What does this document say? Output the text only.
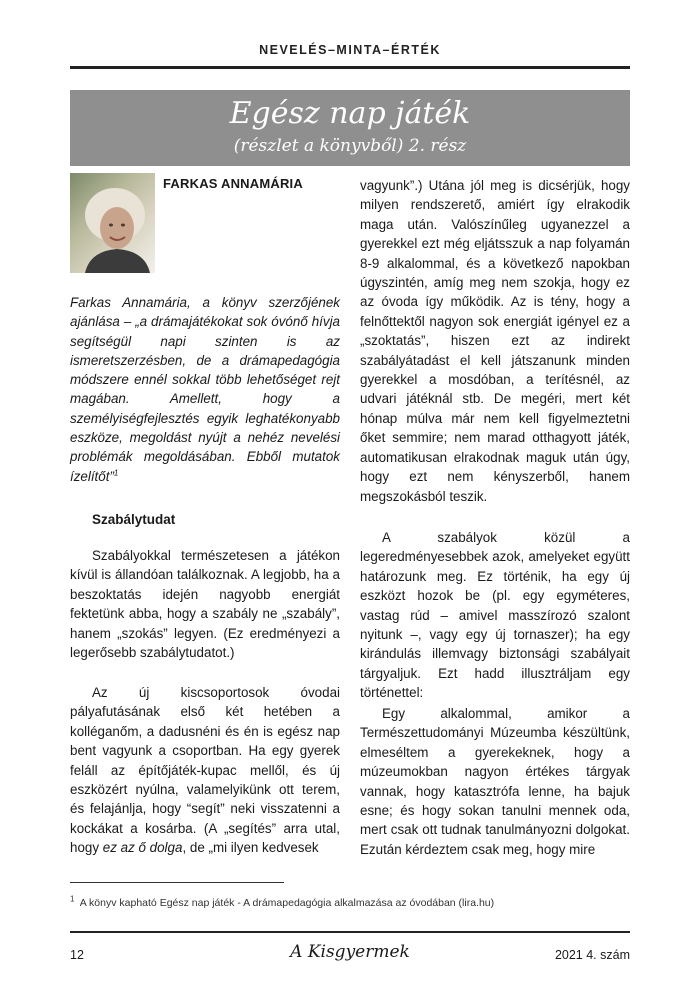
NEVELÉS–MINTA–ÉRTÉK
Egész nap játék
(részlet a könyvből) 2. rész
FARKAS ANNAMÁRIA

Farkas Annamária, a könyv szerzőjének ajánlása – „a drámajátékokat sok óvónő hívja segítségül napi szinten is az ismeretszerzésben, de a drámapedagógia módszere ennél sokkal több lehetőséget rejt magában. Amellett, hogy a személyiségfejlesztés egyik leghatékonyabb eszköze, megoldást nyújt a nehéz nevelési problémák megoldásában. Ebből mutatok ízelítőt”$^1$

Szabálytudat

Szabályokkal természetesen a játékon kívül is állandóan találkoznak. A legjobb, ha a beszoktatás idején nagyobb energiát fektetünk abba, hogy a szabály ne „szabály”, hanem „szokás” legyen. (Ez eredményezi a legerősebb szabálytudatot.)

Az új kiscsoportosok óvodai pályafutásának első két hetében a kolléganőm, a dadusnéni és én is egész nap bent vagyunk a csoportban. Ha egy gyerek feláll az építőjáték-kupac mellől, és új eszközért nyúlna, valamelyikünk ott terem, és felajánlja, hogy “segít” neki visszatenni a kockákat a kosárba. (A „segítés” arra utal, hogy ez az ő dolga, de „mi ilyen kedvesek

vagyunk”.) Utána jól meg is dicsérjük, hogy milyen rendszerető, amiért így elrakodik maga után. Valószínűleg ugyanezzel a gyerekkel ezt még eljátsszuk a nap folyamán 8-9 alkalommal, és a következő napokban úgyszintén, amíg meg nem szokja, hogy ez az óvoda így működik. Az is tény, hogy a felnőttektől nagyon sok energiát igényel ez a „szoktatás”, hiszen ezt az indirekt szabályátadást el kell játszanunk minden gyerekkel a mosdóban, a terítésnél, az udvari játéknál stb. De megéri, mert két hónap múlva már nem kell figyelmeztetni őket semmire; nem marad otthagyott játék, automatikusan elrakodnak maguk után úgy, hogy ezt nem kényszerből, hanem megszokásból teszik.

A szabályok közül a legeredményesebbek azok, amelyeket együtt határozunk meg. Ez történik, ha egy új eszközt hozok be (pl. egy egyméteres, vastag rúd – amivel masszírozó szalont nyitunk –, vagy egy új tornaszer); ha egy kirándulás illemvagy biztonsági szabályait tárgyaljuk. Ezt hadd illusztráljam egy történettel:

Egy alkalommal, amikor a Természettudományi Múzeumba készültünk, elmeséltem a gyerekeknek, hogy a múzeumokban nagyon értékes tárgyak vannak, hogy katasztrófa lenne, ha bajuk esne; és hogy sokan tanulni mennek oda, mert csak ott tudnak tanulmányozni dolgokat. Ezután kérdeztem csak meg, hogy mire

$^1$ A könyv kapható Egész nap játék - A drámapedagógia alkalmazása az óvodában (lira.hu)
12	A Kisgyermek	2021 4. szám
